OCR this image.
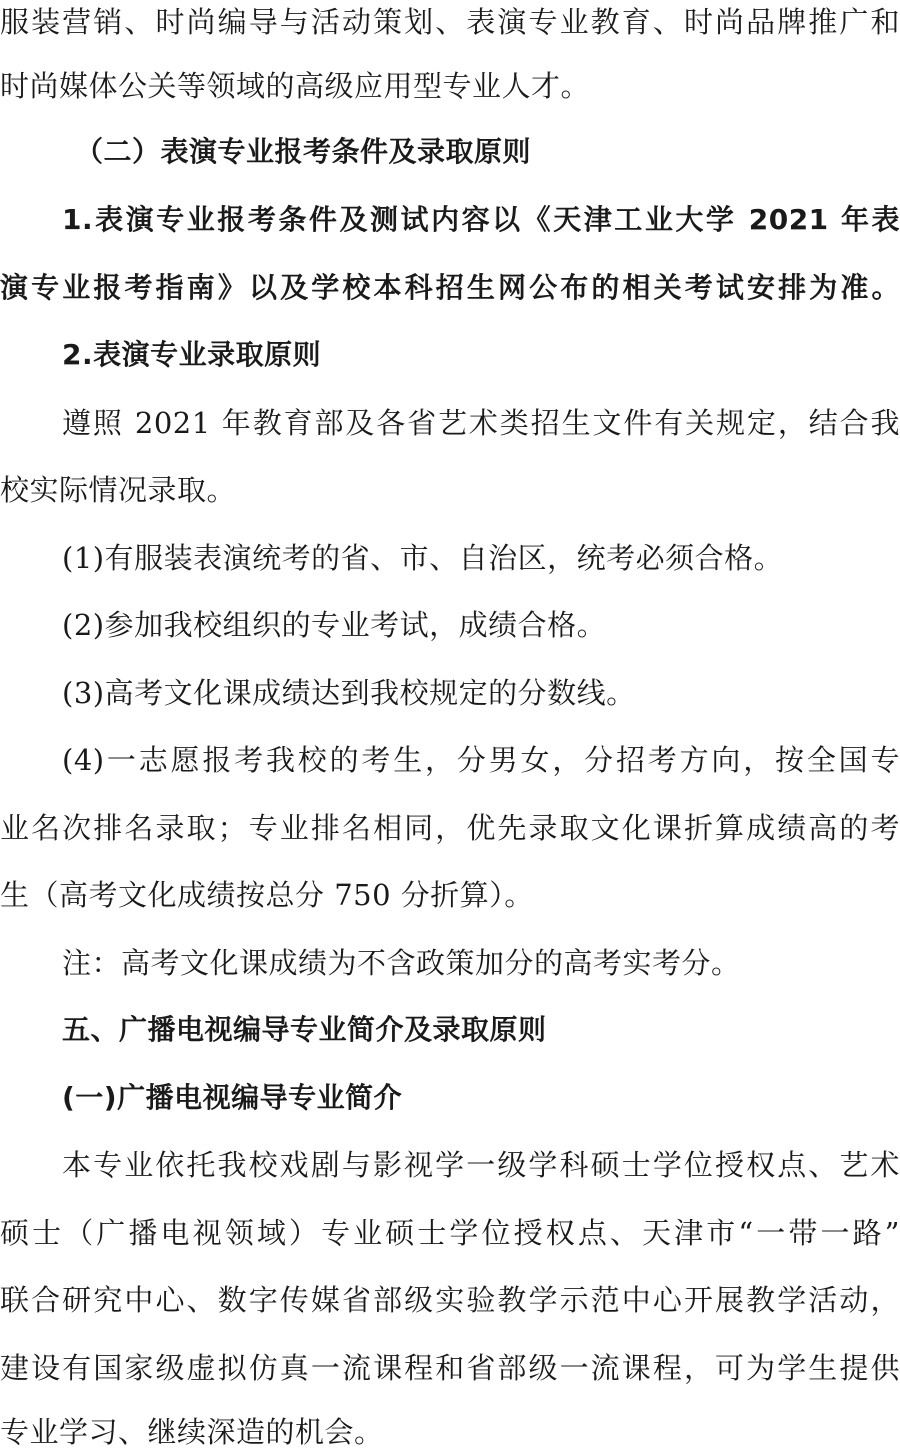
服装营销、时尚编导与活动策划、表演专业教育、时尚品牌推广和
时尚媒体公关等领域的高级应用型专业人才。
（二）表演专业报考条件及录取原则
1.表演专业报考条件及测试内容以《天津工业大学 2021 年表
演专业报考指南》以及学校本科招生网公布的相关考试安排为准。
2.表演专业录取原则
遵照 2021 年教育部及各省艺术类招生文件有关规定，结合我
校实际情况录取。
(1)有服装表演统考的省、市、自治区，统考必须合格。
(2)参加我校组织的专业考试，成绩合格。
(3)高考文化课成绩达到我校规定的分数线。
(4)一志愿报考我校的考生，分男女，分招考方向，按全国专
业名次排名录取；专业排名相同，优先录取文化课折算成绩高的考
生（高考文化成绩按总分 750 分折算）。
注：高考文化课成绩为不含政策加分的高考实考分。
五、广播电视编导专业简介及录取原则
(一)广播电视编导专业简介
本专业依托我校戏剧与影视学一级学科硕士学位授权点、艺术
硕士（广播电视领域）专业硕士学位授权点、天津市“一带一路”
联合研究中心、数字传媒省部级实验教学示范中心开展教学活动，
建设有国家级虚拟仿真一流课程和省部级一流课程，可为学生提供
专业学习、继续深造的机会。
